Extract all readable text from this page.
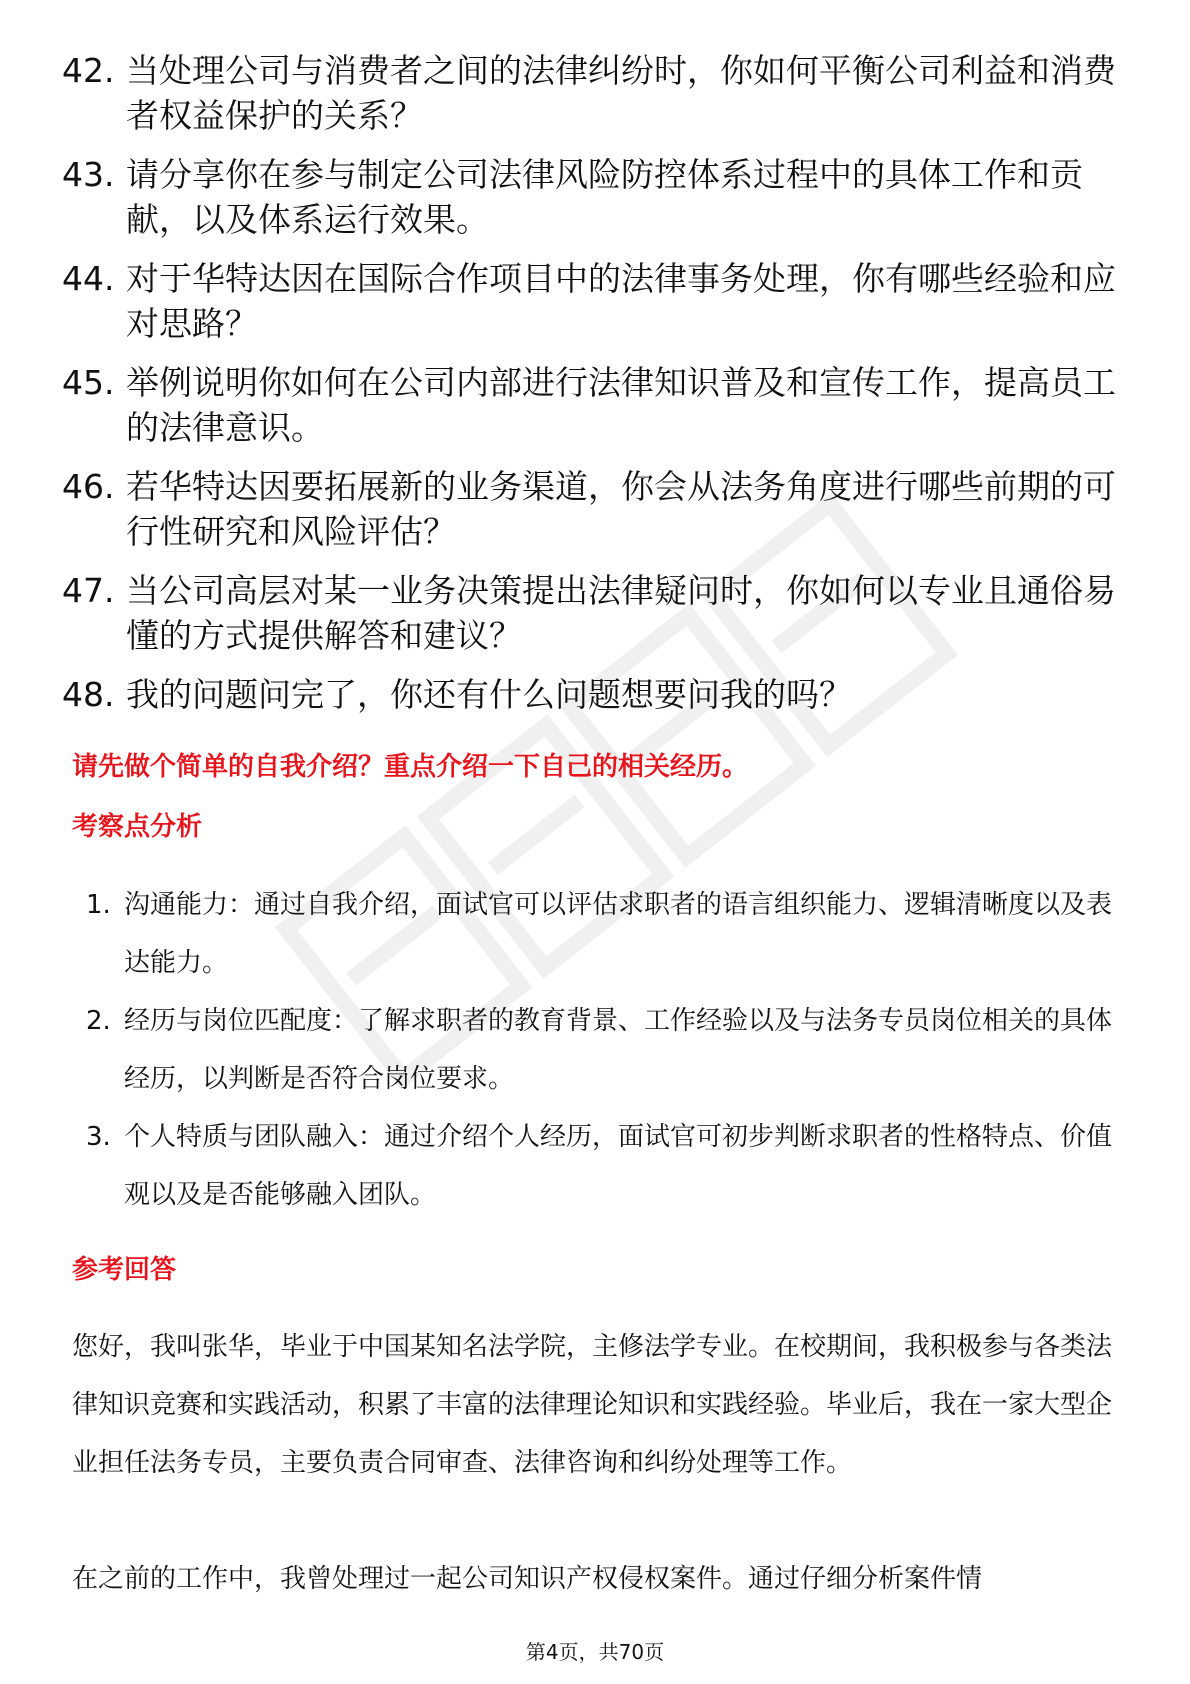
42. 当处理公司与消费者之间的法律纠纷时，你如何平衡公司利益和消费者权益保护的关系？
43. 请分享你在参与制定公司法律风险防控体系过程中的具体工作和贡献，以及体系运行效果。
44. 对于华特达因在国际合作项目中的法律事务处理，你有哪些经验和应对思路？
45. 举例说明你如何在公司内部进行法律知识普及和宣传工作，提高员工的法律意识。
46. 若华特达因要拓展新的业务渠道，你会从法务角度进行哪些前期的可行性研究和风险评估？
47. 当公司高层对某一业务决策提出法律疑问时，你如何以专业且通俗易懂的方式提供解答和建议？
48. 我的问题问完了，你还有什么问题想要问我的吗？
请先做个简单的自我介绍？重点介绍一下自己的相关经历。
考察点分析
1. 沟通能力：通过自我介绍，面试官可以评估求职者的语言组织能力、逻辑清晰度以及表达能力。
2. 经历与岗位匹配度：了解求职者的教育背景、工作经验以及与法务专员岗位相关的具体经历，以判断是否符合岗位要求。
3. 个人特质与团队融入：通过介绍个人经历，面试官可初步判断求职者的性格特点、价值观以及是否能够融入团队。
参考回答

您好，我叫张华，毕业于中国某知名法学院，主修法学专业。在校期间，我积极参与各类法律知识竞赛和实践活动，积累了丰富的法律理论知识和实践经验。毕业后，我在一家大型企业担任法务专员，主要负责合同审查、法律咨询和纠纷处理等工作。

在之前的工作中，我曾处理过一起公司知识产权侵权案件。通过仔细分析案件情

第4页，共70页
